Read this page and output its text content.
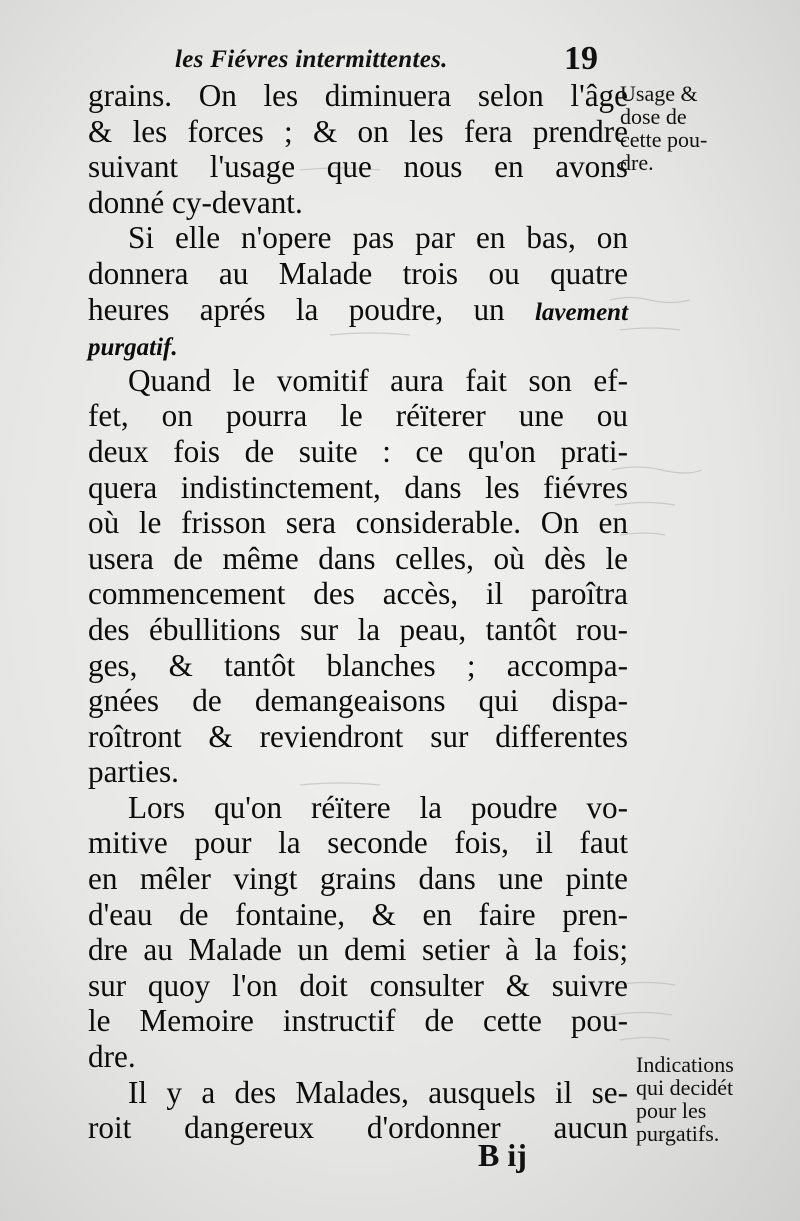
les Fiévres intermittentes.	19
grains. On les diminuera selon l'âge
& les forces ; & on les fera prendre
suivant l'usage que nous en avons
donné cy-devant.
Si elle n'opere pas par en bas, on
donnera au Malade trois ou quatre
heures aprés la poudre, un lavement
purgatif.
Quand le vomitif aura fait son ef-
fet, on pourra le réïterer une ou
deux fois de suite : ce qu'on prati-
quera indistinctement, dans les fiévres
où le frisson sera considerable. On en
usera de même dans celles, où dès le
commencement des accès, il paroîtra
des ébullitions sur la peau, tantôt rou-
ges, & tantôt blanches ; accompa-
gnées de demangeaisons qui dispa-
roîtront & reviendront sur differentes
parties.
Lors qu'on réïtere la poudre vo-
mitive pour la seconde fois, il faut
en mêler vingt grains dans une pinte
d'eau de fontaine, & en faire pren-
dre au Malade un demi setier à la fois;
sur quoy l'on doit consulter & suivre
le Memoire instructif de cette pou-
dre.
Il y a des Malades, ausquels il se-
roit dangereux d'ordonner aucun
Usage &
dose de
cette pou-
dre.
Indications
qui decidét
pour les
purgatifs.
B ij
